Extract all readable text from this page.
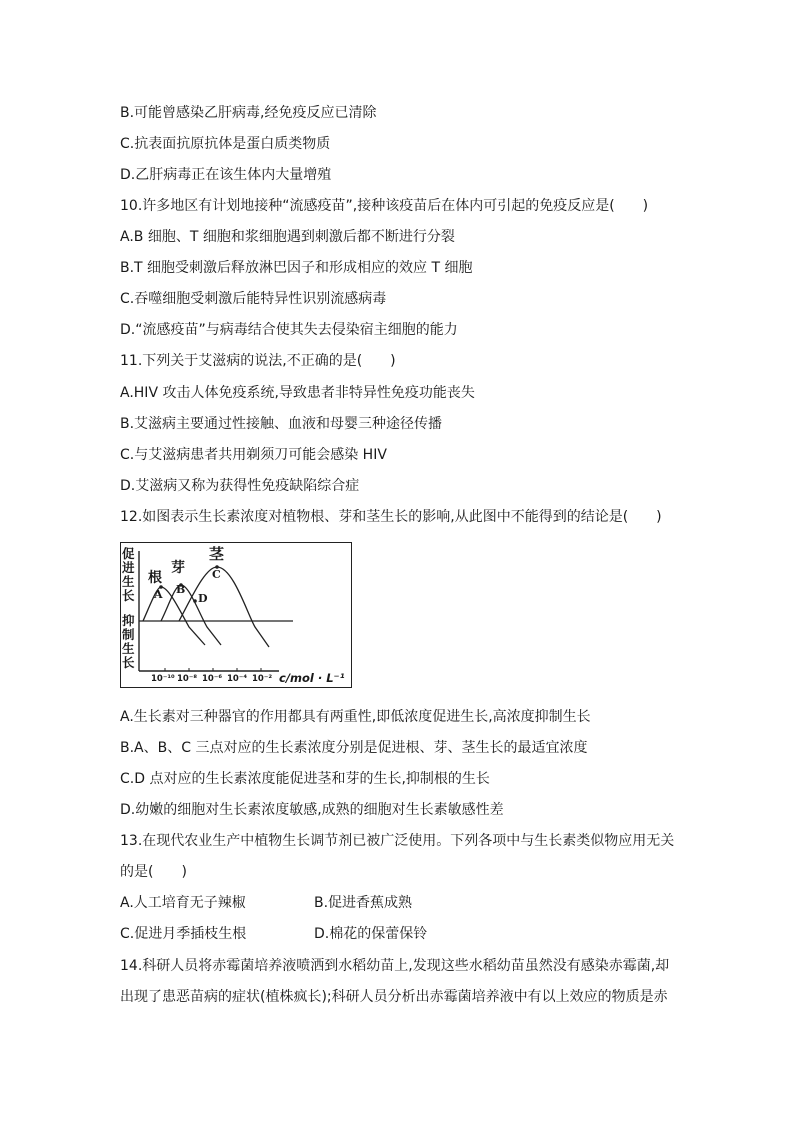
B.可能曾感染乙肝病毒,经免疫反应已清除
C.抗表面抗原抗体是蛋白质类物质
D.乙肝病毒正在该生体内大量增殖
10.许多地区有计划地接种“流感疫苗”,接种该疫苗后在体内可引起的免疫反应是(　　)
A.B 细胞、T 细胞和浆细胞遇到刺激后都不断进行分裂
B.T 细胞受刺激后释放淋巴因子和形成相应的效应 T 细胞
C.吞噬细胞受刺激后能特异性识别流感病毒
D.“流感疫苗”与病毒结合使其失去侵染宿主细胞的能力
11.下列关于艾滋病的说法,不正确的是(　　)
A.HIV 攻击人体免疫系统,导致患者非特异性免疫功能丧失
B.艾滋病主要通过性接触、血液和母婴三种途径传播
C.与艾滋病患者共用剃须刀可能会感染 HIV
D.艾滋病又称为获得性免疫缺陷综合症
12.如图表示生长素浓度对植物根、芽和茎生长的影响,从此图中不能得到的结论是(　　)
促进生长
抑制生长
根
芽
茎
A B
C
D
10⁻¹⁰ 10⁻⁸ 10⁻⁶ 10⁻⁴ 10⁻² c/mol · L⁻¹
A.生长素对三种器官的作用都具有两重性,即低浓度促进生长,高浓度抑制生长
B.A、B、C 三点对应的生长素浓度分别是促进根、芽、茎生长的最适宜浓度
C.D 点对应的生长素浓度能促进茎和芽的生长,抑制根的生长
D.幼嫩的细胞对生长素浓度敏感,成熟的细胞对生长素敏感性差
13.在现代农业生产中植物生长调节剂已被广泛使用。下列各项中与生长素类似物应用无关
的是(　　)
A.人工培育无子辣椒	B.促进香蕉成熟
C.促进月季插枝生根	D.棉花的保蕾保铃
14.科研人员将赤霉菌培养液喷洒到水稻幼苗上,发现这些水稻幼苗虽然没有感染赤霉菌,却
出现了患恶苗病的症状(植株疯长);科研人员分析出赤霉菌培养液中有以上效应的物质是赤
